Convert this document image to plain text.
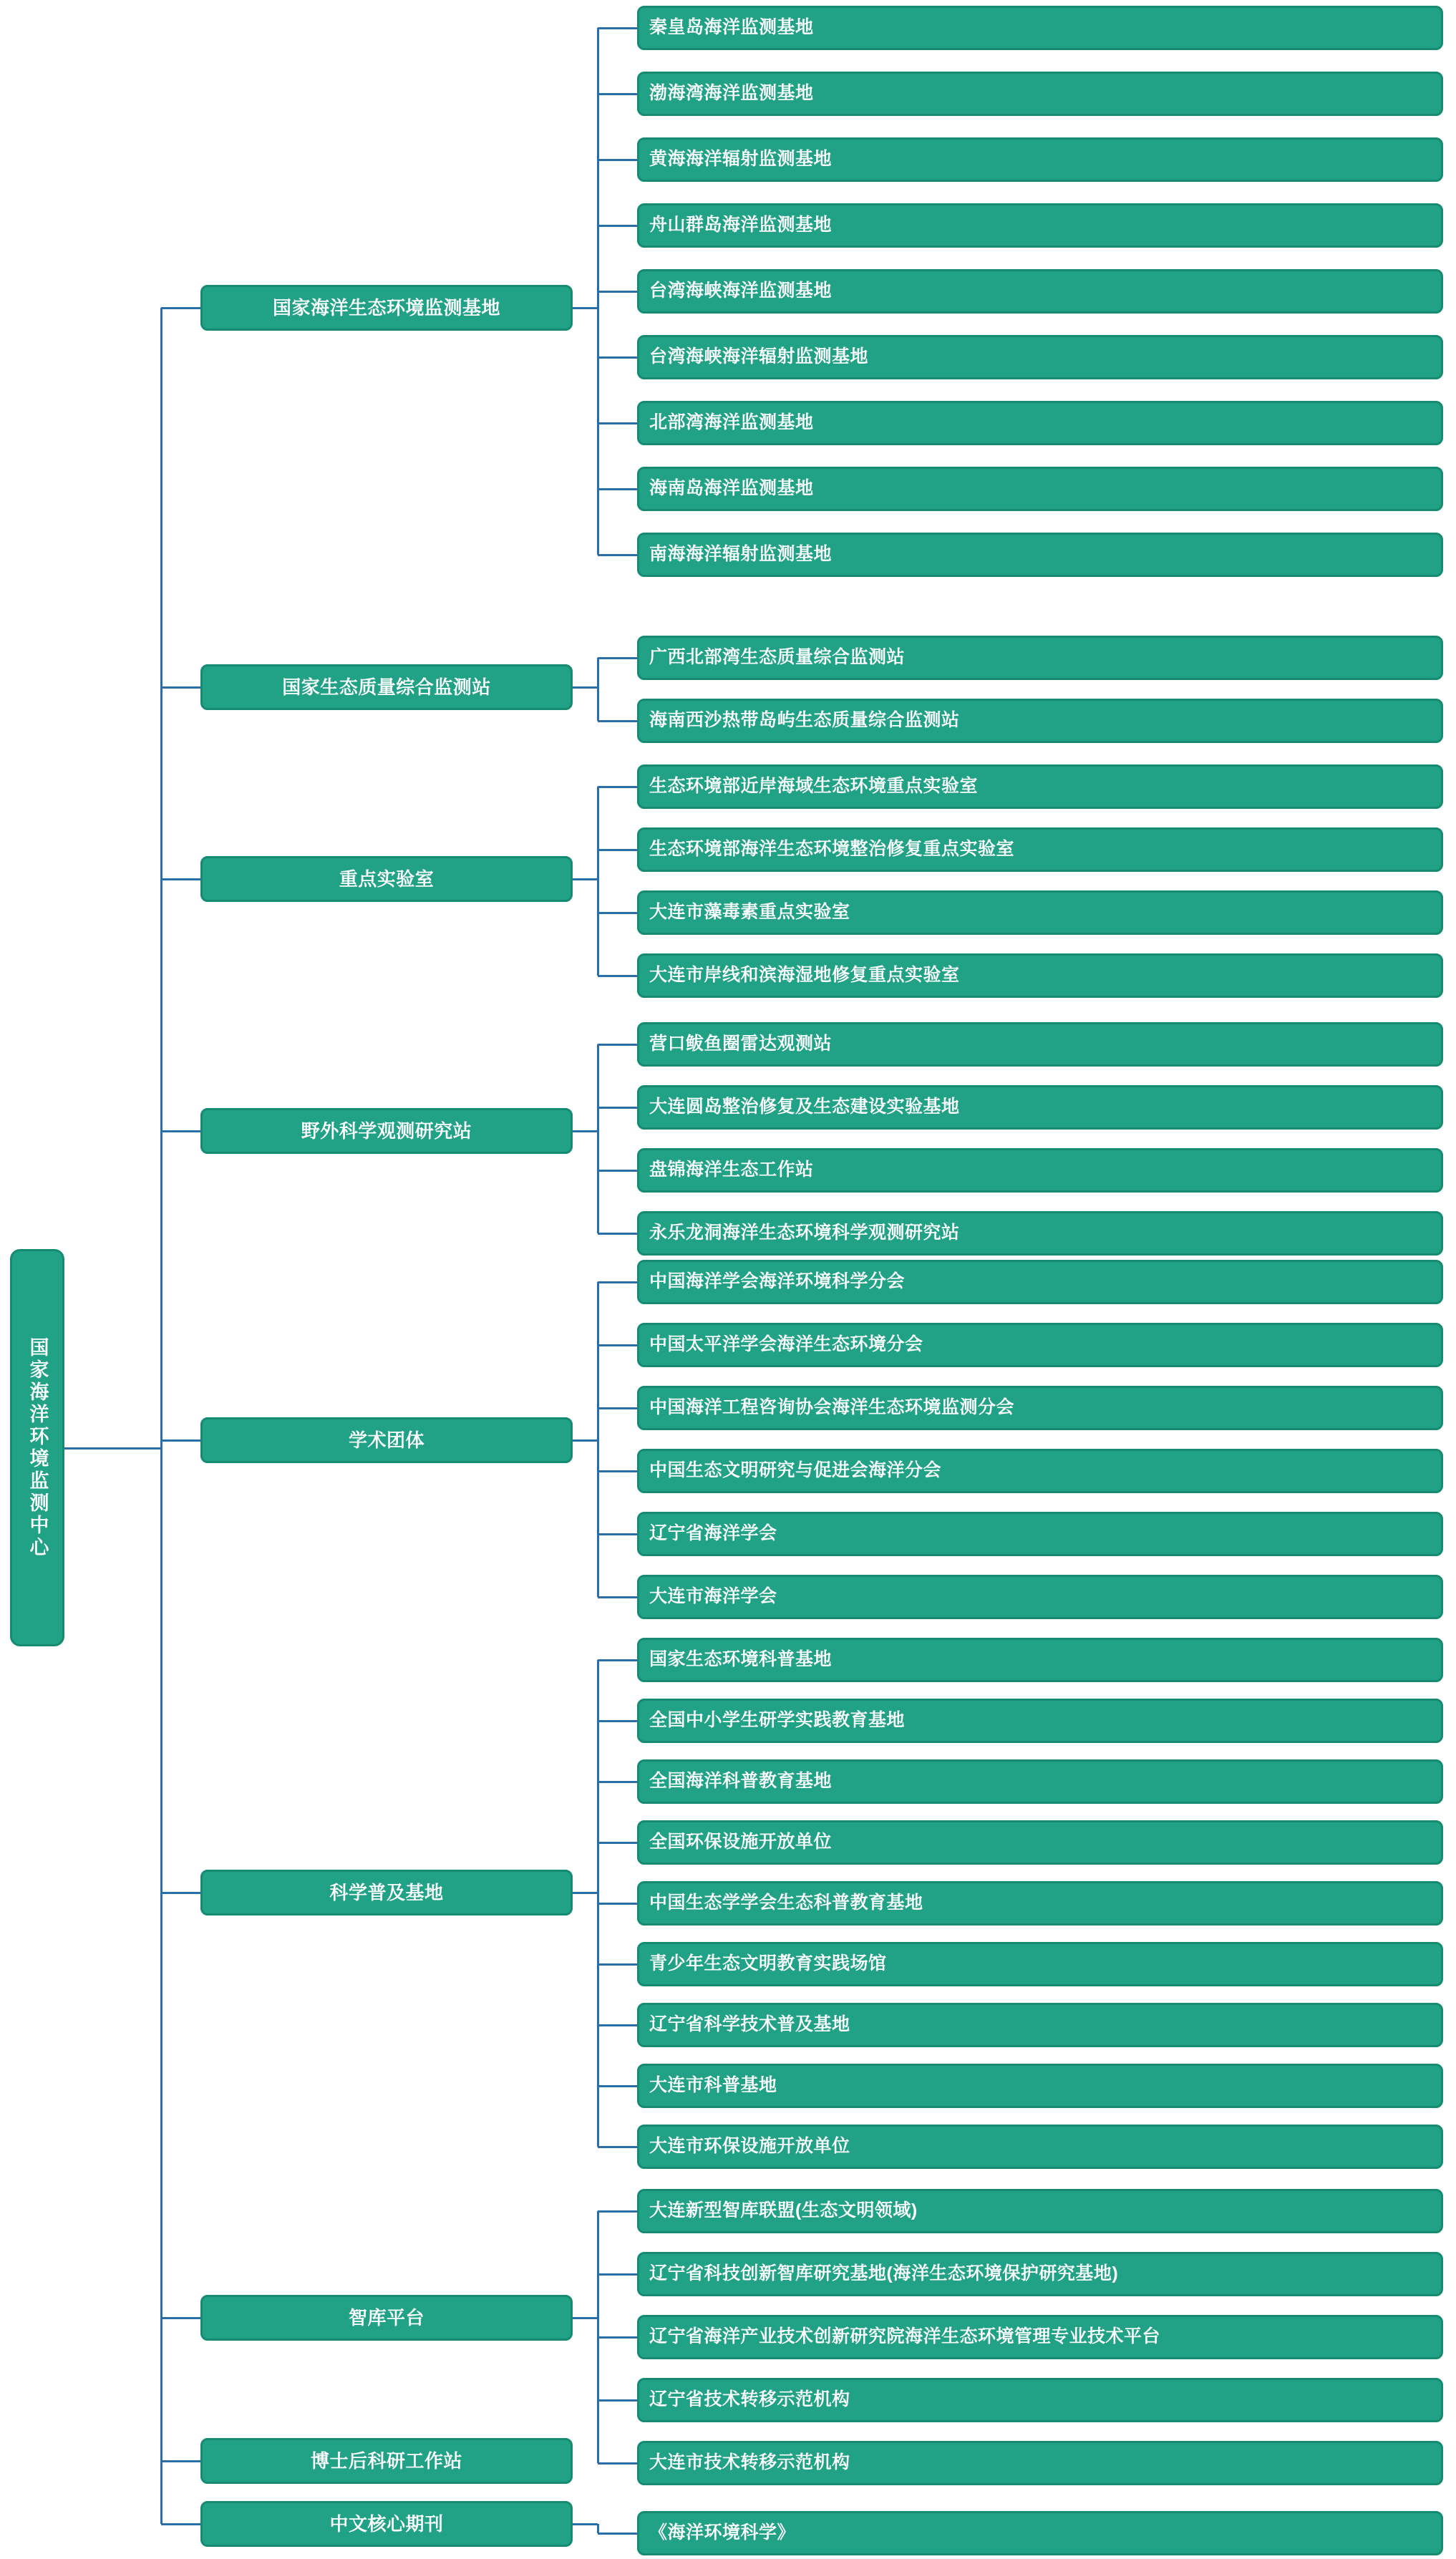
国家海洋环境监测中心
国家海洋生态环境监测基地
秦皇岛海洋监测基地
渤海湾海洋监测基地
黄海海洋辐射监测基地
舟山群岛海洋监测基地
台湾海峡海洋监测基地
台湾海峡海洋辐射监测基地
北部湾海洋监测基地
海南岛海洋监测基地
南海海洋辐射监测基地
国家生态质量综合监测站
广西北部湾生态质量综合监测站
海南西沙热带岛屿生态质量综合监测站
重点实验室
生态环境部近岸海域生态环境重点实验室
生态环境部海洋生态环境整治修复重点实验室
大连市藻毒素重点实验室
大连市岸线和滨海湿地修复重点实验室
野外科学观测研究站
营口鲅鱼圈雷达观测站
大连圆岛整治修复及生态建设实验基地
盘锦海洋生态工作站
永乐龙洞海洋生态环境科学观测研究站
学术团体
中国海洋学会海洋环境科学分会
中国太平洋学会海洋生态环境分会
中国海洋工程咨询协会海洋生态环境监测分会
中国生态文明研究与促进会海洋分会
辽宁省海洋学会
大连市海洋学会
科学普及基地
国家生态环境科普基地
全国中小学生研学实践教育基地
全国海洋科普教育基地
全国环保设施开放单位
中国生态学学会生态科普教育基地
青少年生态文明教育实践场馆
辽宁省科学技术普及基地
大连市科普基地
大连市环保设施开放单位
智库平台
大连新型智库联盟(生态文明领域)
辽宁省科技创新智库研究基地(海洋生态环境保护研究基地)
辽宁省海洋产业技术创新研究院海洋生态环境管理专业技术平台
辽宁省技术转移示范机构
大连市技术转移示范机构
博士后科研工作站
中文核心期刊	《海洋环境科学》
